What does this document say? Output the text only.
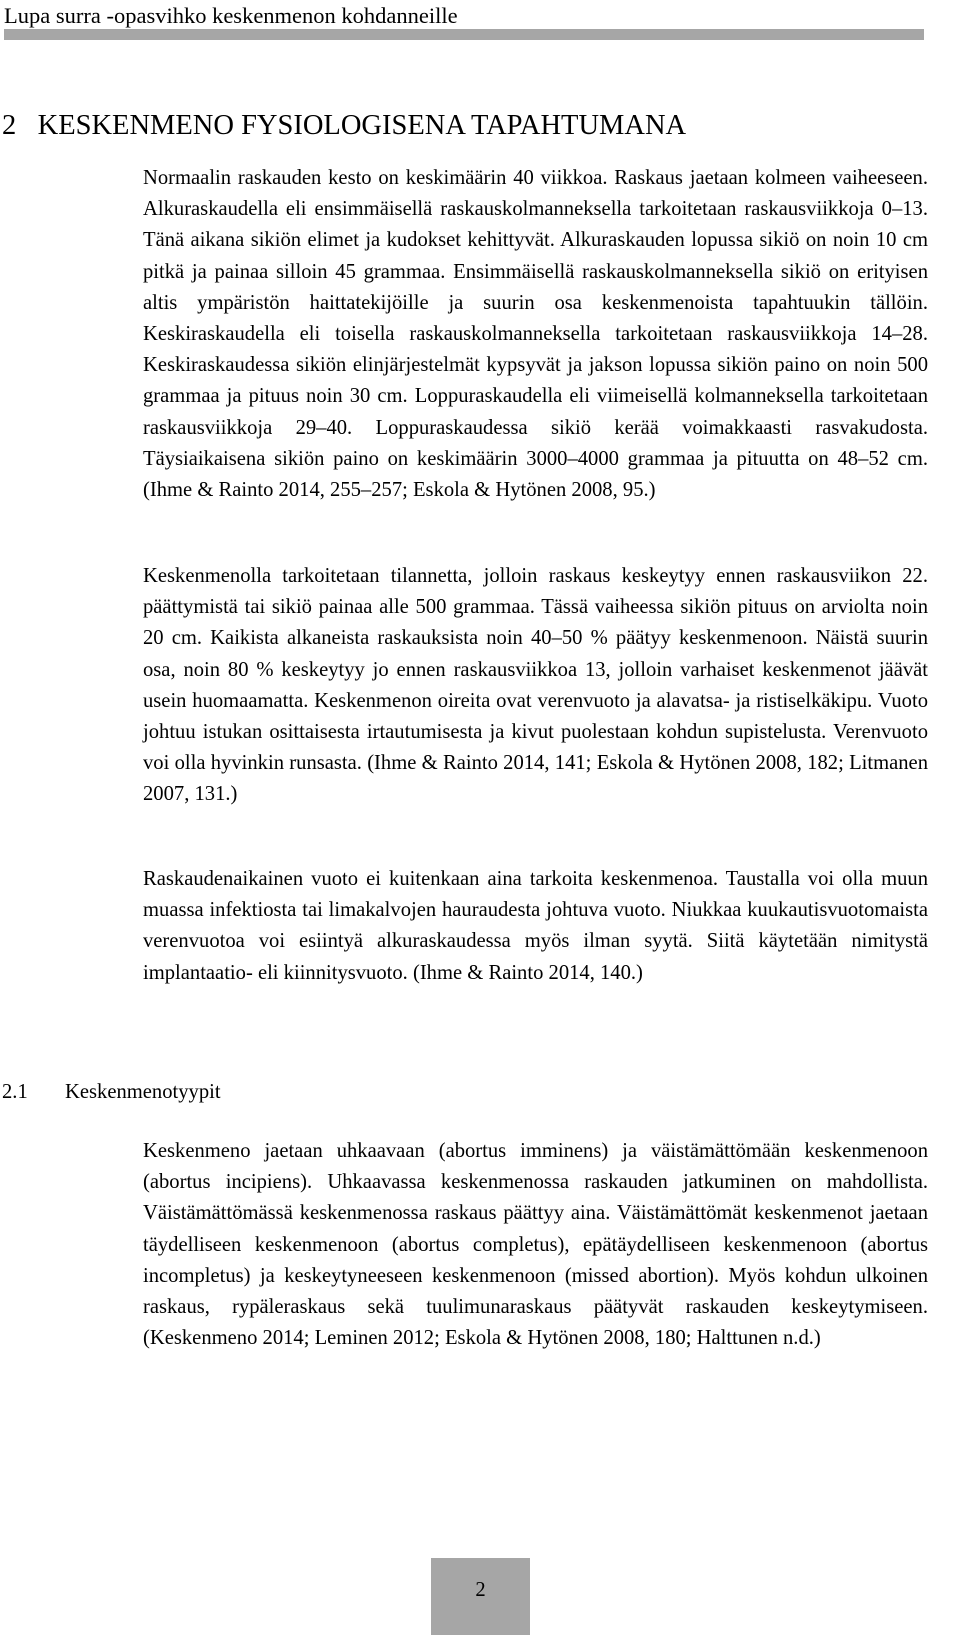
Lupa surra -opasvihko keskenmenon kohdanneille
2 KESKENMENO FYSIOLOGISENA TAPAHTUMANA

Normaalin raskauden kesto on keskimäärin 40 viikkoa. Raskaus jaetaan kolmeen vaiheeseen. Alkuraskaudella eli ensimmäisellä raskauskolmanneksella tarkoitetaan raskausviikkoja 0–13. Tänä aikana sikiön elimet ja kudokset kehittyvät. Alkuraskauden lopussa sikiö on noin 10 cm pitkä ja painaa silloin 45 grammaa. Ensimmäisellä raskauskolmanneksella sikiö on erityisen altis ympäristön haittatekijöille ja suurin osa keskenmenoista tapahtuukin tällöin. Keskiraskaudella eli toisella raskauskolmanneksella tarkoitetaan raskausviikkoja 14–28. Keskiraskaudessa sikiön elinjärjestelmät kypsyvät ja jakson lopussa sikiön paino on noin 500 grammaa ja pituus noin 30 cm. Loppuraskaudella eli viimeisellä kolmanneksella tarkoitetaan raskausviikkoja 29–40. Loppuraskaudessa sikiö kerää voimakkaasti rasvakudosta. Täysiaikaisena sikiön paino on keskimäärin 3000–4000 grammaa ja pituutta on 48–52 cm. (Ihme & Rainto 2014, 255–257; Eskola & Hytönen 2008, 95.)

Keskenmenolla tarkoitetaan tilannetta, jolloin raskaus keskeytyy ennen raskausviikon 22. päättymistä tai sikiö painaa alle 500 grammaa. Tässä vaiheessa sikiön pituus on arviolta noin 20 cm. Kaikista alkaneista raskauksista noin 40–50 % päätyy keskenmenoon. Näistä suurin osa, noin 80 % keskeytyy jo ennen raskausviikkoa 13, jolloin varhaiset keskenmenot jäävät usein huomaamatta. Keskenmenon oireita ovat verenvuoto ja alavatsa- ja ristiselkäkipu. Vuoto johtuu istukan osittaisesta irtautumisesta ja kivut puolestaan kohdun supistelusta. Verenvuoto voi olla hyvinkin runsasta. (Ihme & Rainto 2014, 141; Eskola & Hytönen 2008, 182; Litmanen 2007, 131.)

Raskaudenaikainen vuoto ei kuitenkaan aina tarkoita keskenmenoa. Taustalla voi olla muun muassa infektiosta tai limakalvojen hauraudesta johtuva vuoto. Niukkaa kuukautisvuotomaista verenvuotoa voi esiintyä alkuraskaudessa myös ilman syytä. Siitä käytetään nimitystä implantaatio- eli kiinnitysvuoto. (Ihme & Rainto 2014, 140.)

2.1 Keskenmenotyypit

Keskenmeno jaetaan uhkaavaan (abortus imminens) ja väistämättömään keskenmenoon (abortus incipiens). Uhkaavassa keskenmenossa raskauden jatkuminen on mahdollista. Väistämättömässä keskenmenossa raskaus päättyy aina. Väistämättömät keskenmenot jaetaan täydelliseen keskenmenoon (abortus completus), epätäydelliseen keskenmenoon (abortus incompletus) ja keskeytyneeseen keskenmenoon (missed abortion). Myös kohdun ulkoinen raskaus, rypäleraskaus sekä tuulimunaraskaus päätyvät raskauden keskeytymiseen. (Keskenmeno 2014; Leminen 2012; Eskola & Hytönen 2008, 180; Halttunen n.d.)

2
